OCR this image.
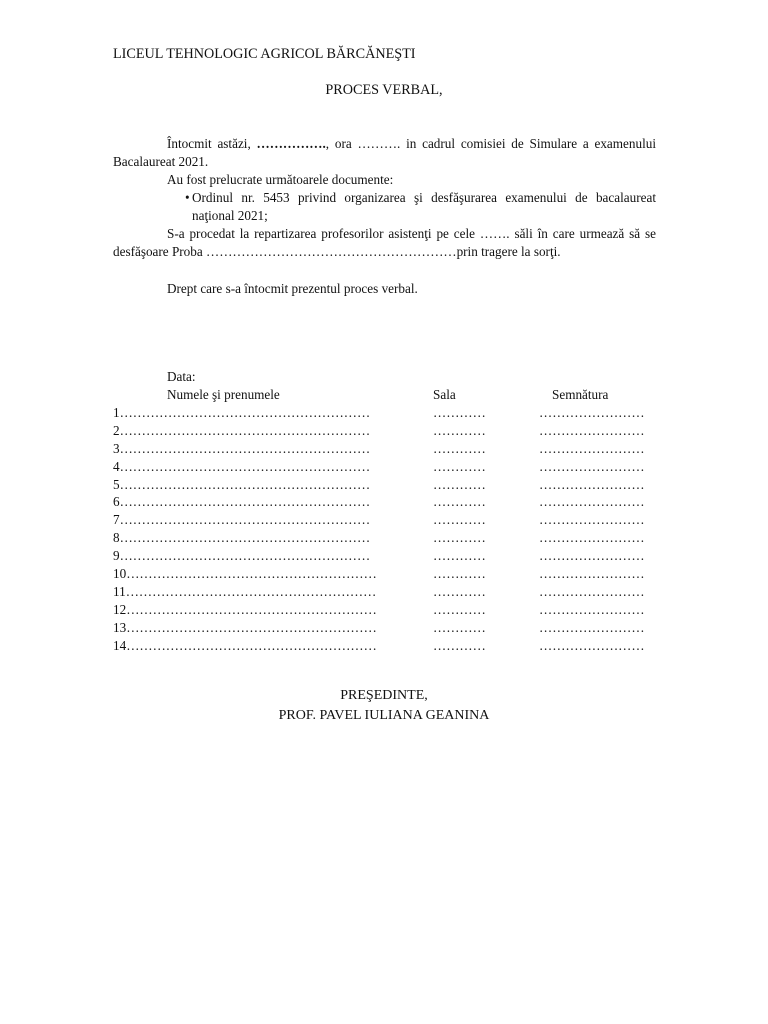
LICEUL TEHNOLOGIC AGRICOL BĂRCĂNEŞTI
PROCES VERBAL,
Întocmit astăzi, ……………., ora ………. in cadrul comisiei de Simulare a examenului Bacalaureat 2021.
Au fost prelucrate următoarele documente:
• Ordinul nr. 5453 privind organizarea şi desfăşurarea examenului de bacalaureat naţional 2021;
S-a procedat la repartizarea profesorilor asistenţi pe cele ……. săli în care urmează să se desfăşoare Proba …………………………………………………prin tragere la sorţi.
Drept care s-a întocmit prezentul proces verbal.
Data:
Numele şi prenumele	Sala	Semnătura
1…………………………………………………	…………	……………………
2…………………………………………………	…………	……………………
3…………………………………………………	…………	……………………
4…………………………………………………	…………	……………………
5…………………………………………………	…………	……………………
6…………………………………………………	…………	……………………
7…………………………………………………	…………	……………………
8…………………………………………………	…………	……………………
9…………………………………………………	…………	……………………
10…………………………………………………	…………	……………………
11…………………………………………………	…………	……………………
12…………………………………………………	…………	……………………
13…………………………………………………	…………	……………………
14…………………………………………………	…………	……………………
PREŞEDINTE,
PROF. PAVEL IULIANA GEANINA
